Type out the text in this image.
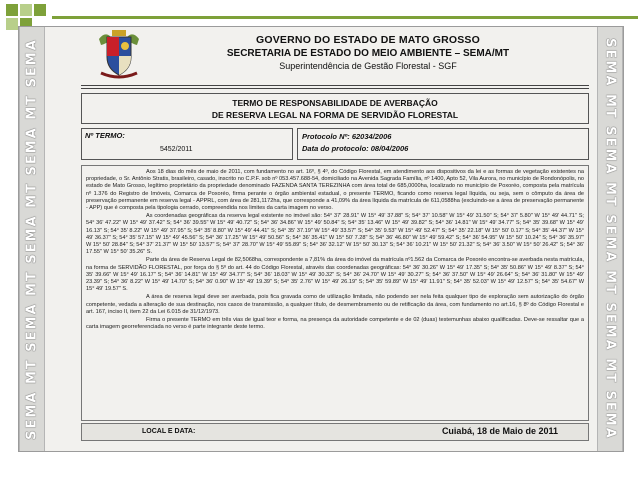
SEMA MT SEMA MT SEMA MT SEMA MT SEMA	SEMA MT SEMA MT SEMA MT SEMA MT SEMA
GOVERNO DO ESTADO DE MATO GROSSO
SECRETARIA DE ESTADO DO MEIO AMBIENTE – SEMA/MT
Superintendência de Gestão Florestal - SGF
TERMO DE RESPONSABILIDADE DE AVERBAÇÃO
DE RESERVA LEGAL NA FORMA DE SERVIDÃO FLORESTAL
Nº TERMO:
5452/2011
Protocolo Nº: 62034/2006
Data do protocolo: 08/04/2006

Aos 18 dias do mês de maio de 2011, com fundamento no art. 16º, § 4º, do Código Florestal, em atendimento aos dispositivos da lei e as formas de vegetação existentes na propriedade, o Sr. Antônio Stratis, brasileiro, casado, inscrito no C.P.F. sob nº 053.457.688-54, domiciliado na Avenida Sagrada Família, nº 1400, Apto 52, Vila Aurora, no município de Rondonópolis, no estado de Mato Grosso, legítimo proprietário da propriedade denominado FAZENDA SANTA TEREZINHA com área total de 685,0000ha, localizado no município de Poxoréo, composta pela matrícula nº 1.376 do Registro de Imóveis, Comarca de Poxoréo, firma perante o órgão ambiental estadual, o presente TERMO, ficando como reserva legal líquida, ou seja, sem o cômputo da área de preservação permanente em reserva legal - APPRL, com área de 281,1172ha, que corresponde a 41,09% da área líquida da matrícula de 611,0588ha (excluindo-se a área de preservação permanente - APP) que é composta pela tipologia cerrado, compreendida nos limites da carta imagem no verso.

As coordenadas geográficas da reserva legal existente no imóvel são: 54° 37' 28.91" W 15° 49' 37.88" S; 54° 37' 10.58" W 15° 49' 31.50" S; 54° 37' 5.80" W 15° 49' 44.71" S; 54° 36' 47.22" W 15° 49' 37.42" S; 54° 36' 39.55" W 15° 49' 40.72" S; 54° 36' 34.86" W 15° 49' 50.84" S; 54° 35' 13.46" W 15° 49' 39.82" S; 54° 36' 14.81" W 15° 49' 34.77" S; 54° 35' 39.68" W 15° 49' 16.13" S; 54° 35' 8.22" W 15° 49' 37.95" S; 54° 35' 8.80" W 15° 49' 44.41" S; 54° 35' 37.19" W 15° 49' 33.57" S; 54° 35' 9.53" W 15° 49' 52.47" S; 54° 35' 22.18" W 15° 50' 0.17" S; 54° 35' 44.37" W 15° 49' 36.37" S; 54° 35' 57.15" W 15° 49' 45.56" S; 54° 36' 17.25" W 15° 49' 50.56" S; 54° 36' 35.41" W 15° 50' 7.28" S; 54° 36' 46.80" W 15° 49' 59.42" S; 54° 36' 54.95" W 15° 50' 10.24" S; 54° 36' 35.97" W 15° 50' 28.84" S; 54° 37' 21.37" W 15° 50' 13.57" S; 54° 37' 28.70" W 15° 49' 55.89" S; 54° 36' 32.12" W 15° 50' 30.13" S; 54° 36' 10.21" W 15° 50' 21.32" S; 54° 36' 3.50" W 15° 50' 26.42" S; 54° 36' 17.55" W 15° 50' 35.26" S.

Parte da área de Reserva Legal de 82,5068ha, correspondente a 7,81% da área do imóvel da matrícula nº1.562 da Comarca de Poxoréo encontra-se averbada nesta matrícula, na forma de SERVIDÃO FLORESTAL, por força do § 5º do art. 44 do Código Florestal, através das coordenadas geográficas: 54° 36' 30.26" W 15° 49' 17.35" S; 54° 35' 50.86" W 15° 49' 8.37" S; 54° 35' 39.66" W 15° 49' 16.17" S; 54° 36' 14.81" W 15° 49' 34.77" S; 54° 36' 18.03" W 15° 49' 30.32" S; 54° 36' 24.70" W 15° 49' 30.27" S; 54° 36' 37.50" W 15° 49' 26.64" S; 54° 36' 31.80" W 15° 49' 23.39" S; 54° 36' 8.22" W 15° 49' 14.70" S; 54° 36' 0.90" W 15° 49' 19.39" S; 54° 35' 2.76" W 15° 49' 26.19" S; 54° 35' 59.89" W 15° 49' 11.91" S; 54° 35' 52.03" W 15° 49' 12.57" S; 54° 35' 54.67" W 15° 49' 19.57" S.

A área de reserva legal deve ser averbada, pois fica gravada como de utilização limitada, não podendo ser nela feita qualquer tipo de exploração sem autorização do órgão competente, vedada a alteração de sua destinação, nos casos de transmissão, a qualquer título, de desmembramento ou de retificação da área, com fundamento no art.16, § 8º do Código Florestal e art. 167, inciso II, item 22 da Lei 6.015 de 31/12/1973.

Firma o presente TERMO em três vias de igual teor e forma, na presença da autoridade competente e de 02 (duas) testemunhas abaixo qualificadas. Deve-se ressaltar que a carta imagem georreferenciada no verso é parte integrante deste termo.

LOCAL E DATA:	Cuiabá, 18 de Maio de 2011
